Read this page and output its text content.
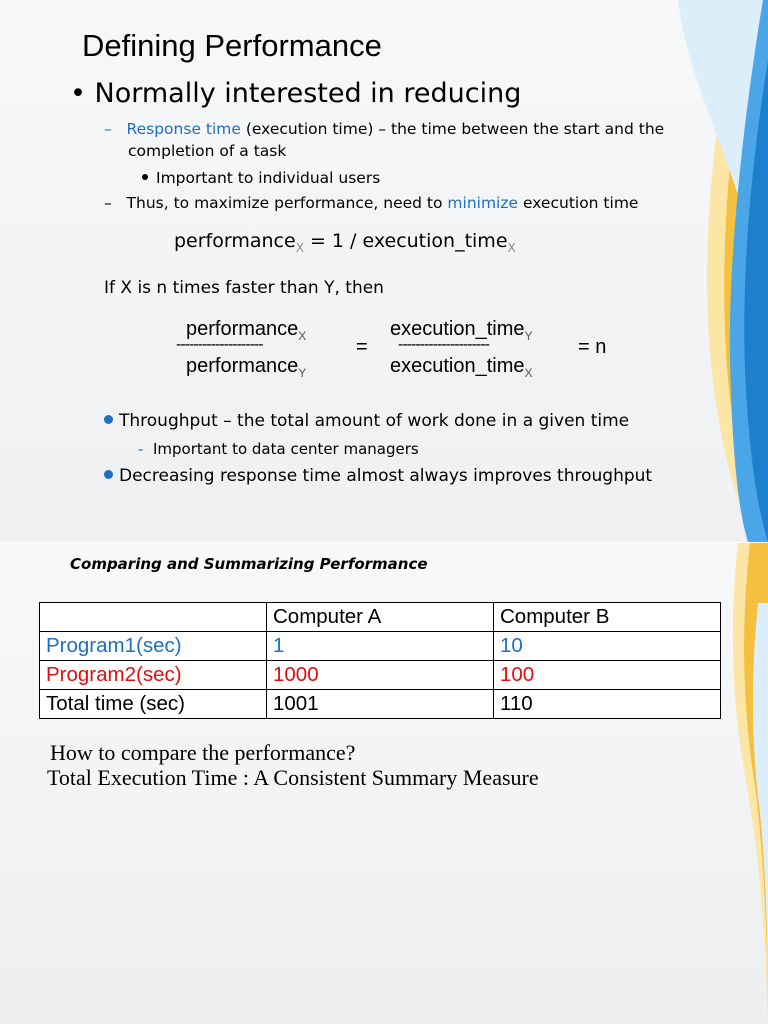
Defining Performance
• Normally interested in reducing
–   Response time (execution time) – the time between the start and the
completion of a task
Important to individual users
–   Thus, to maximize performance, need to minimize execution time
performance$_X$ = 1 / execution_time$_X$
If X is n times faster than Y, then
performance$_X$
--------------------
performance$_Y$
=
execution_time$_Y$
---------------------
execution_time$_X$
= n
Throughput – the total amount of work done in a given time
-  Important to data center managers
Decreasing response time almost always improves throughput
Comparing and Summarizing Performance
	Computer A	Computer B
Program1(sec)	1	10
Program2(sec)	1000	100
Total time (sec)	1001	110
How to compare the performance?
Total Execution Time : A Consistent Summary Measure
